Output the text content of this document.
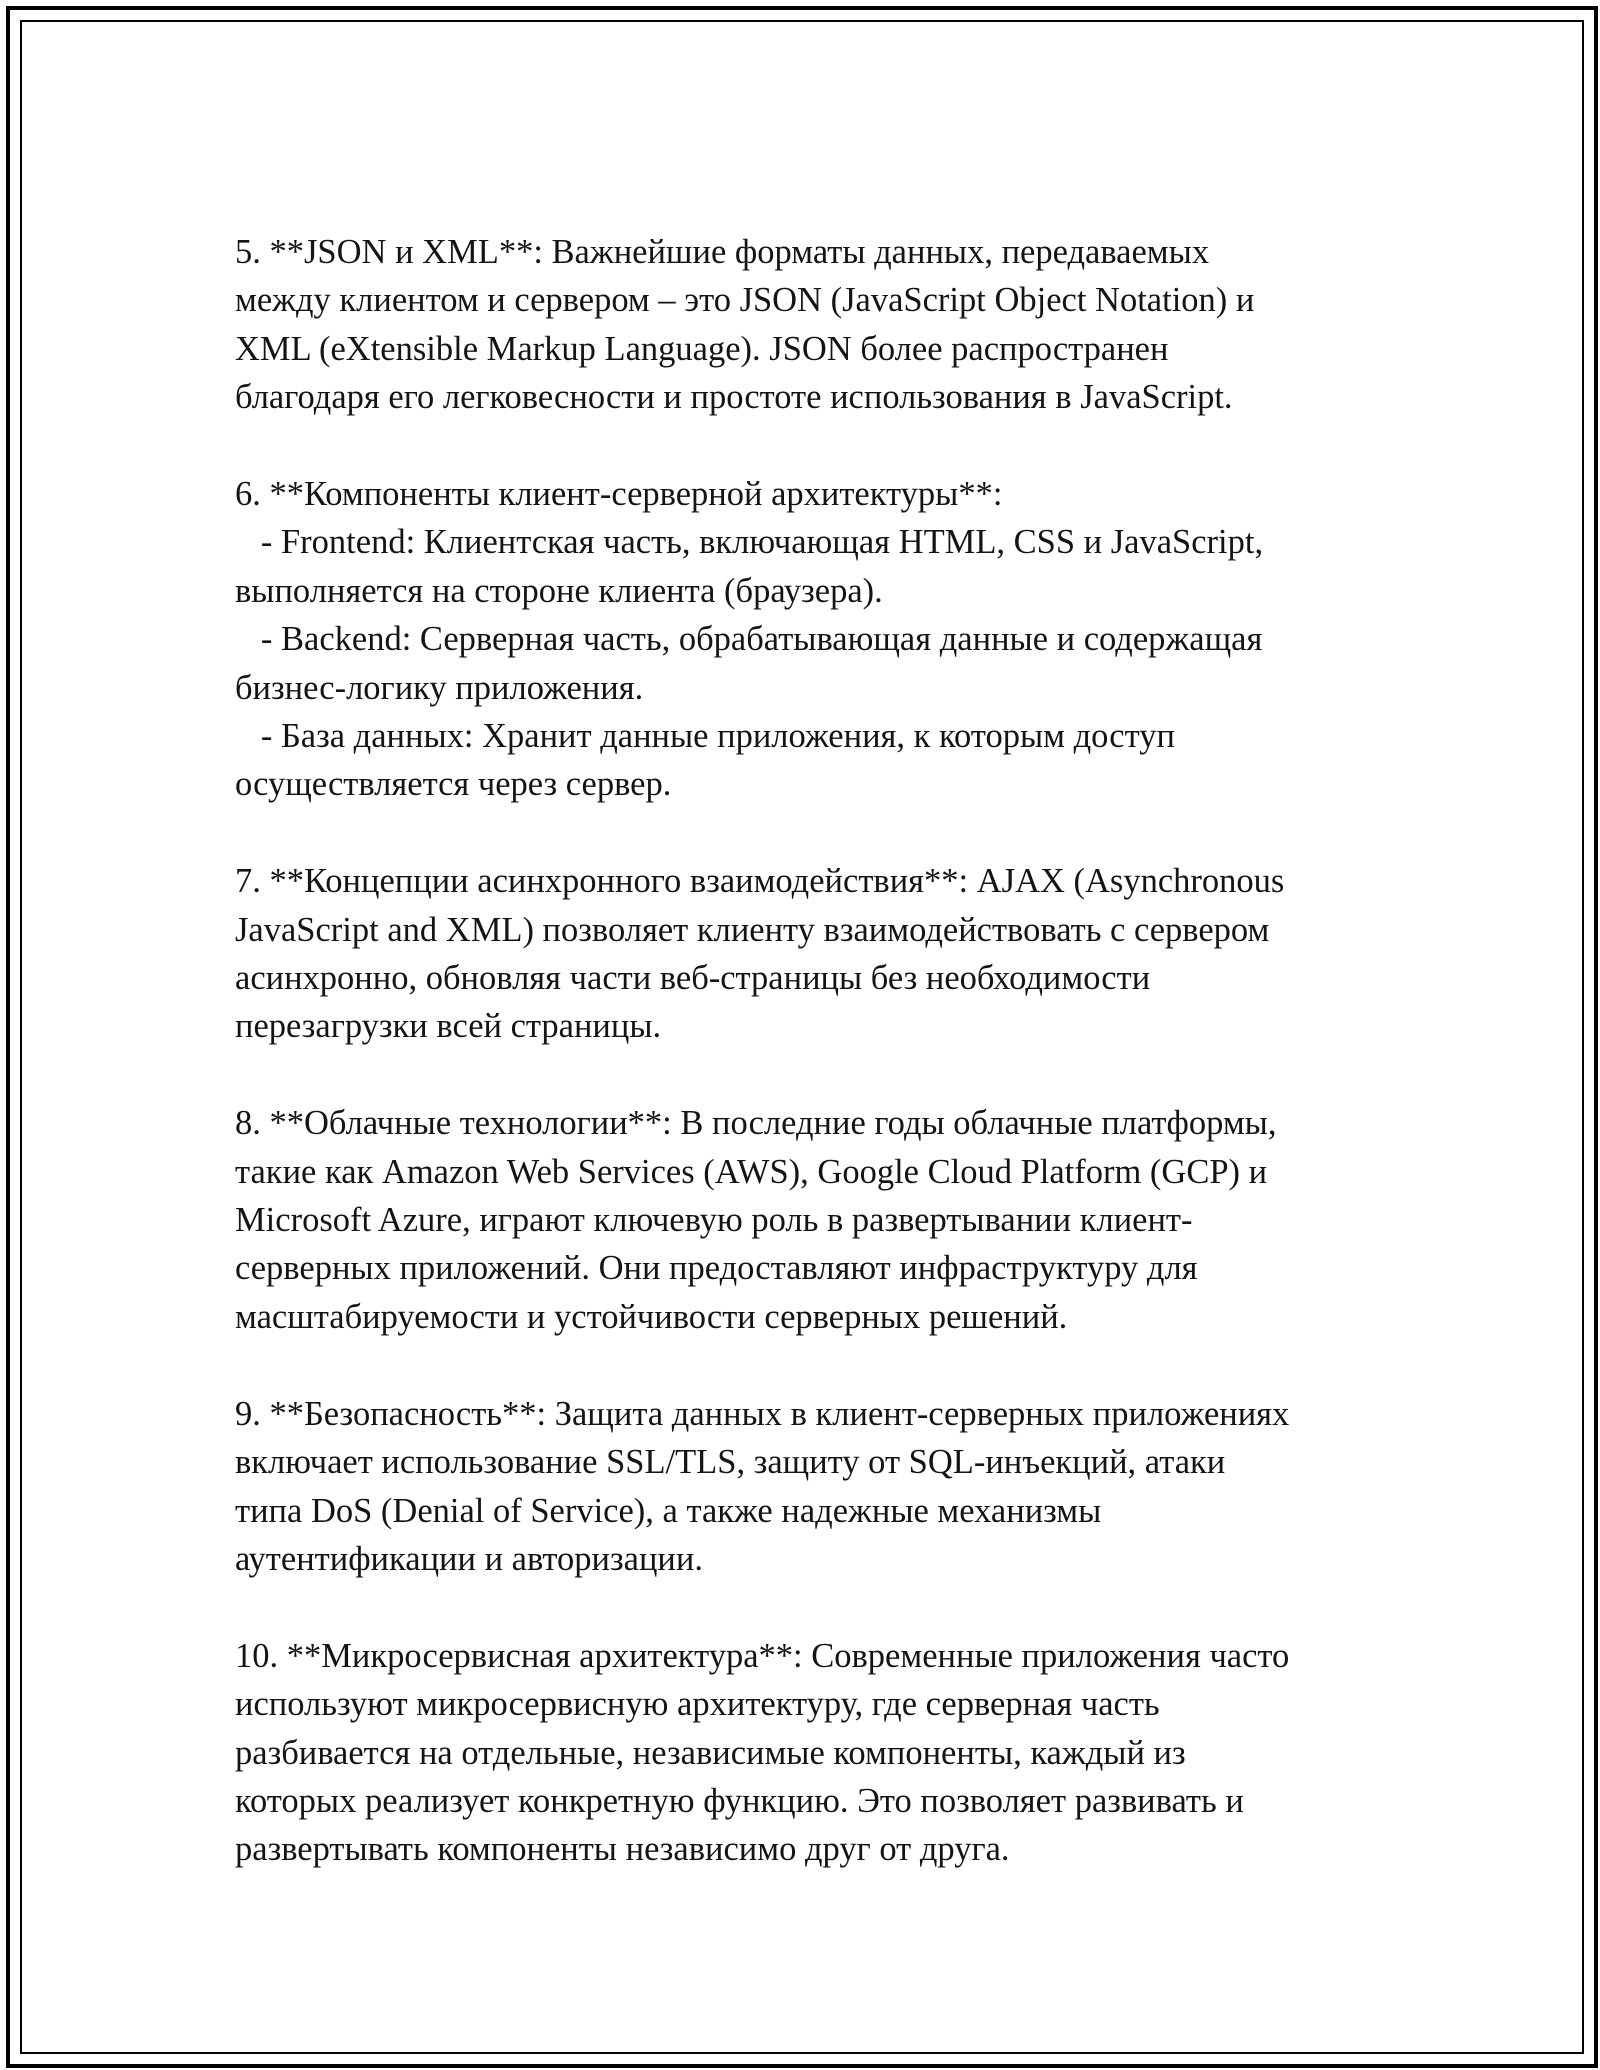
5. **JSON и XML**: Важнейшие форматы данных, передаваемых
между клиентом и сервером – это JSON (JavaScript Object Notation) и
XML (eXtensible Markup Language). JSON более распространен
благодаря его легковесности и простоте использования в JavaScript.
6. **Компоненты клиент-серверной архитектуры**:
- Frontend: Клиентская часть, включающая HTML, CSS и JavaScript,
выполняется на стороне клиента (браузера).
- Backend: Серверная часть, обрабатывающая данные и содержащая
бизнес-логику приложения.
- База данных: Хранит данные приложения, к которым доступ
осуществляется через сервер.
7. **Концепции асинхронного взаимодействия**: AJAX (Asynchronous
JavaScript and XML) позволяет клиенту взаимодействовать с сервером
асинхронно, обновляя части веб-страницы без необходимости
перезагрузки всей страницы.
8. **Облачные технологии**: В последние годы облачные платформы,
такие как Amazon Web Services (AWS), Google Cloud Platform (GCP) и
Microsoft Azure, играют ключевую роль в развертывании клиент-
серверных приложений. Они предоставляют инфраструктуру для
масштабируемости и устойчивости серверных решений.
9. **Безопасность**: Защита данных в клиент-серверных приложениях
включает использование SSL/TLS, защиту от SQL-инъекций, атаки
типа DoS (Denial of Service), а также надежные механизмы
аутентификации и авторизации.
10. **Микросервисная архитектура**: Современные приложения часто
используют микросервисную архитектуру, где серверная часть
разбивается на отдельные, независимые компоненты, каждый из
которых реализует конкретную функцию. Это позволяет развивать и
развертывать компоненты независимо друг от друга.
